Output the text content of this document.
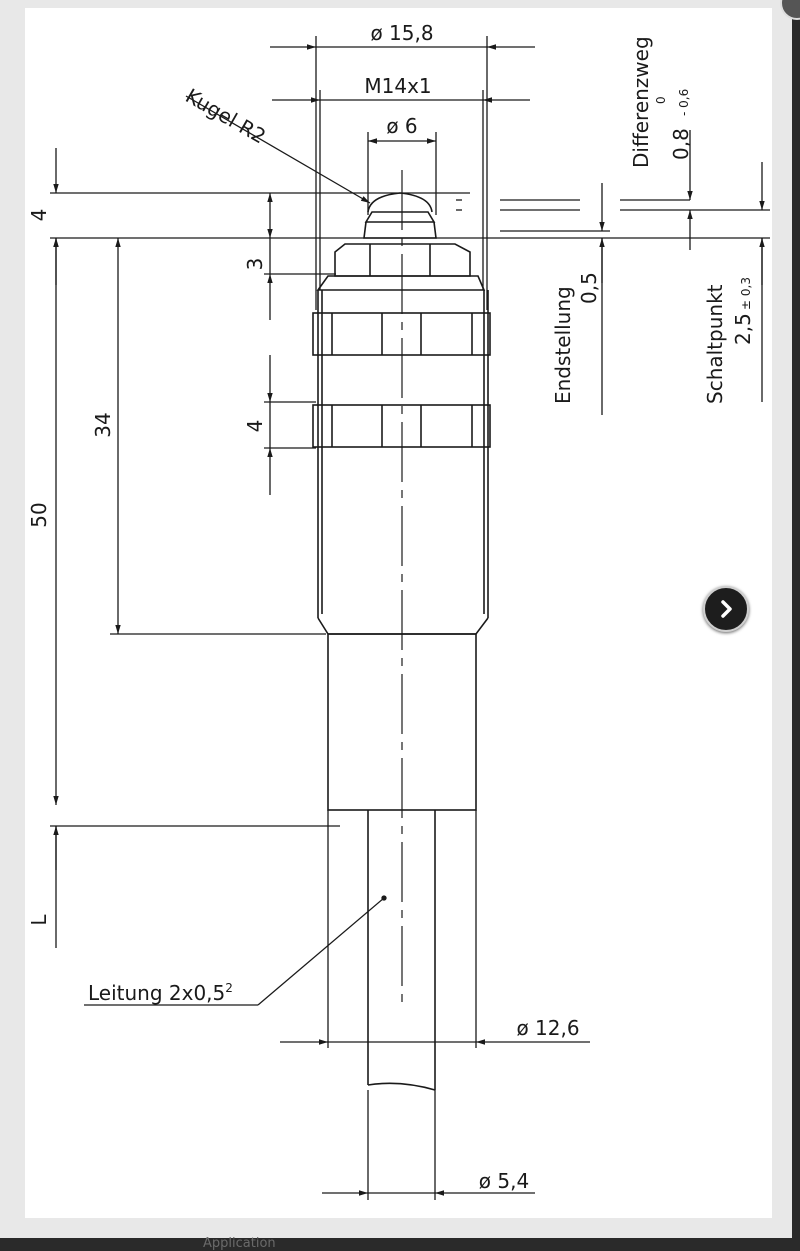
ø 15,8
M14x1
ø 6
Kugel R2
4
3
4
34
50
L
Leitung $2x0,5^2$
ø 12,6
ø 5,4
Differenzweg 0,8
0 - 0,6
Endstellung 0,5	Schaltpunkt 2,5
± 0,3
Application
